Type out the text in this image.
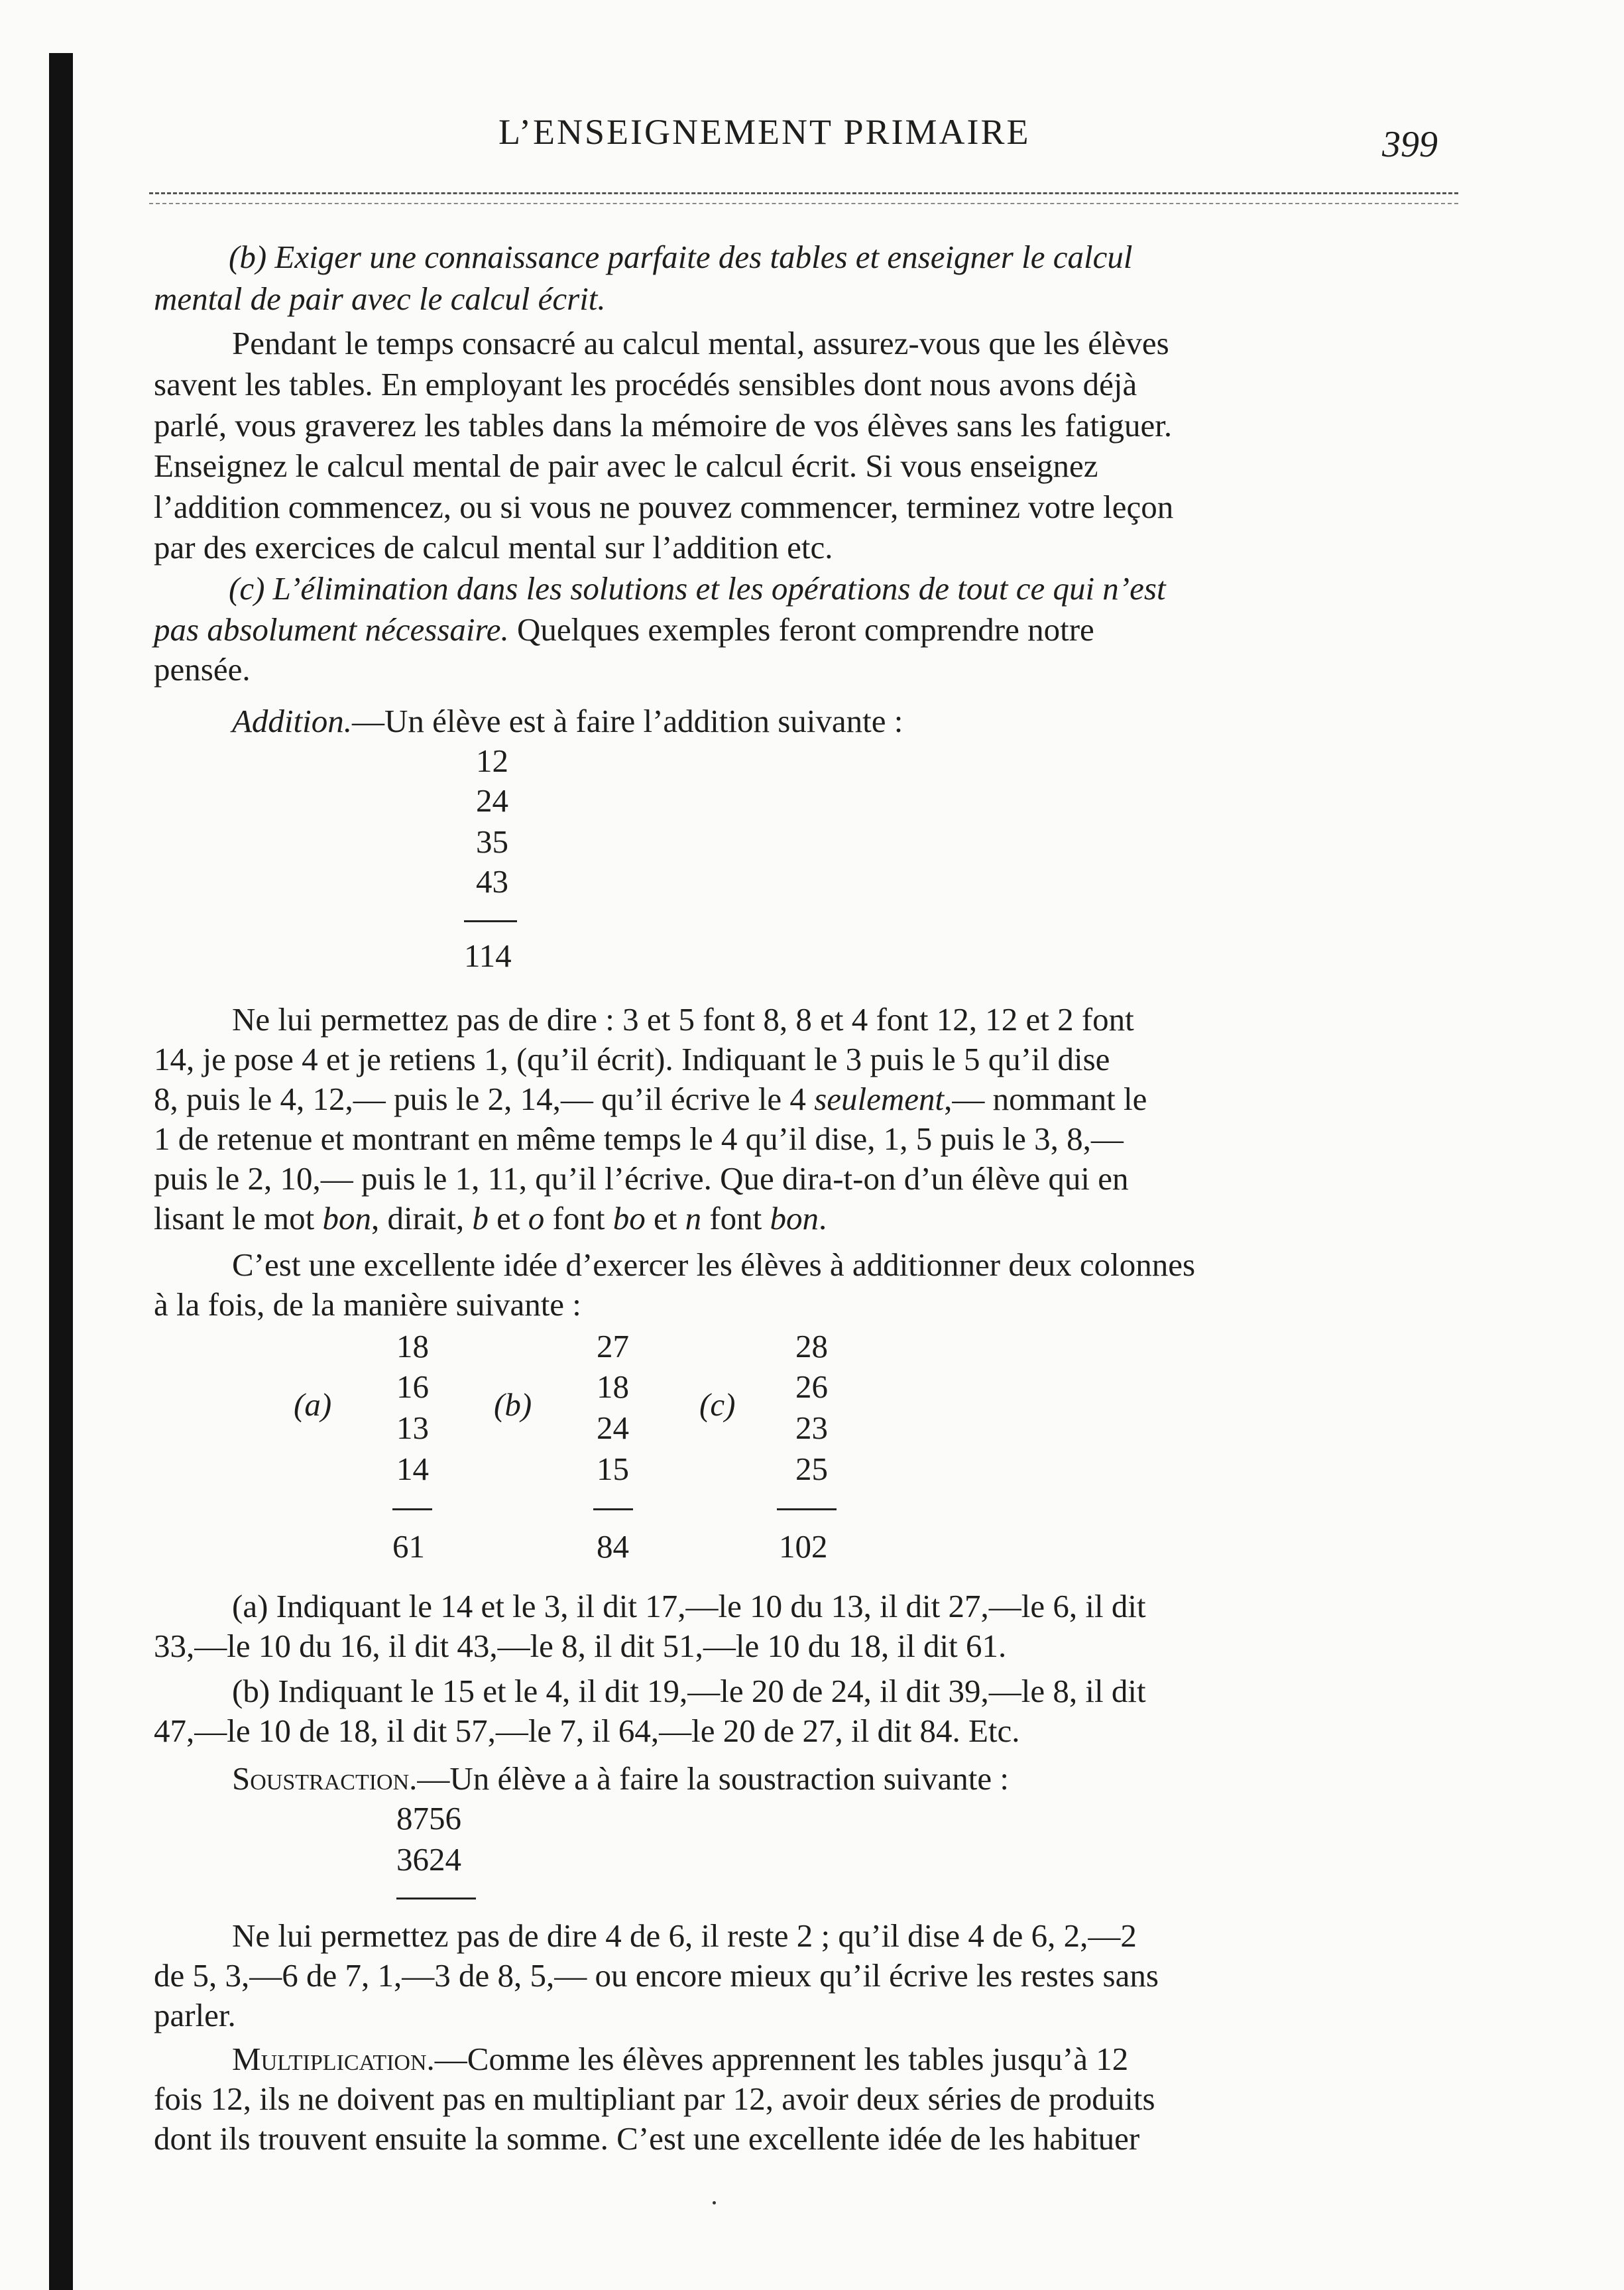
L’ENSEIGNEMENT PRIMAIRE	399
(b) Exiger une connaissance parfaite des tables et enseigner le calcul
mental de pair avec le calcul écrit.
Pendant le temps consacré au calcul mental, assurez-vous que les élèves
savent les tables. En employant les procédés sensibles dont nous avons déjà
parlé, vous graverez les tables dans la mémoire de vos élèves sans les fatiguer.
Enseignez le calcul mental de pair avec le calcul écrit. Si vous enseignez
l’addition commencez, ou si vous ne pouvez commencer, terminez votre leçon
par des exercices de calcul mental sur l’addition etc.
(c) L’élimination dans les solutions et les opérations de tout ce qui n’est
pas absolument nécessaire. Quelques exemples feront comprendre notre
pensée.
Addition.—Un élève est à faire l’addition suivante :
12
24
35
43
114
Ne lui permettez pas de dire : 3 et 5 font 8, 8 et 4 font 12, 12 et 2 font
14, je pose 4 et je retiens 1, (qu’il écrit). Indiquant le 3 puis le 5 qu’il dise
8, puis le 4, 12,— puis le 2, 14,— qu’il écrive le 4 seulement,— nommant le
1 de retenue et montrant en même temps le 4 qu’il dise, 1, 5 puis le 3, 8,—
puis le 2, 10,— puis le 1, 11, qu’il l’écrive. Que dira-t-on d’un élève qui en
lisant le mot bon, dirait, b et o font bo et n font bon.
C’est une excellente idée d’exercer les élèves à additionner deux colonnes
à la fois, de la manière suivante :
(a)
18
16
13
14
61
(b)
27
18
24
15
84
(c)
28
26
23
25
102
(a) Indiquant le 14 et le 3, il dit 17,—le 10 du 13, il dit 27,—le 6, il dit
33,—le 10 du 16, il dit 43,—le 8, il dit 51,—le 10 du 18, il dit 61.
(b) Indiquant le 15 et le 4, il dit 19,—le 20 de 24, il dit 39,—le 8, il dit
47,—le 10 de 18, il dit 57,—le 7, il 64,—le 20 de 27, il dit 84. Etc.
Soustraction.—Un élève a à faire la soustraction suivante :
8756
3624
Ne lui permettez pas de dire 4 de 6, il reste 2 ; qu’il dise 4 de 6, 2,—2
de 5, 3,—6 de 7, 1,—3 de 8, 5,— ou encore mieux qu’il écrive les restes sans
parler.
Multiplication.—Comme les élèves apprennent les tables jusqu’à 12
fois 12, ils ne doivent pas en multipliant par 12, avoir deux séries de produits
dont ils trouvent ensuite la somme. C’est une excellente idée de les habituer
